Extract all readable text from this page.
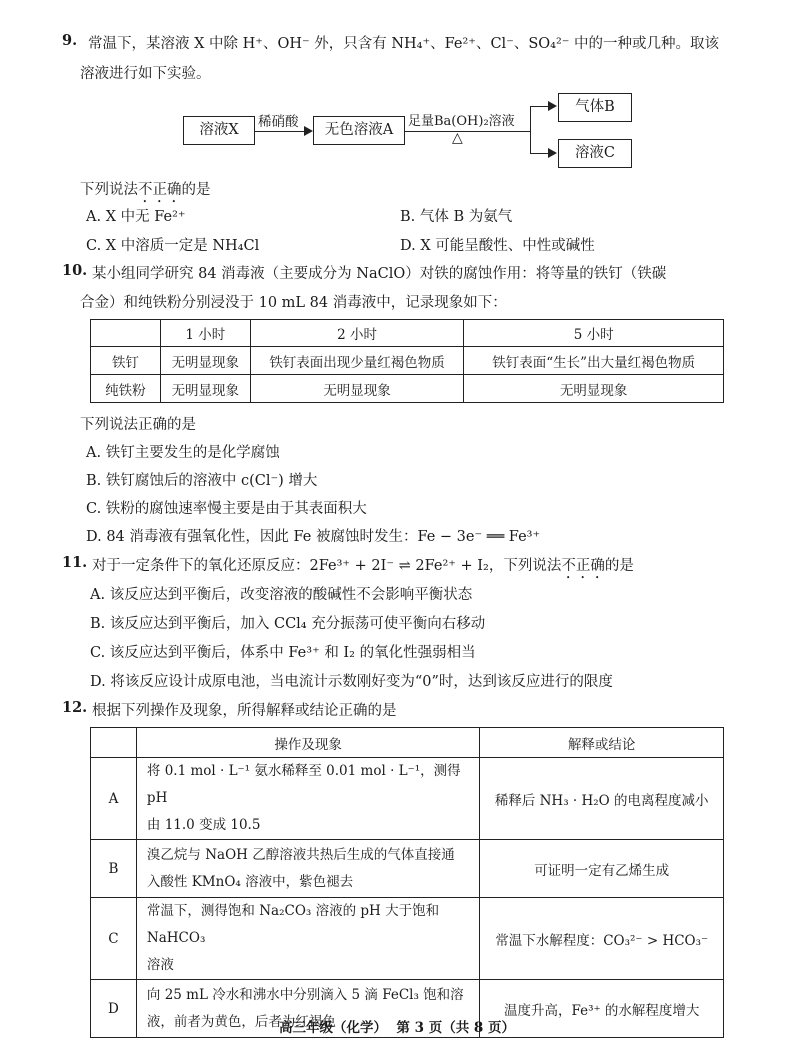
9. 常温下，某溶液 X 中除 H⁺、OH⁻ 外，只含有 NH₄⁺、Fe²⁺、Cl⁻、SO₄²⁻ 中的一种或几种。取该
溶液进行如下实验。
溶液X	稀硝酸	无色溶液A
足量Ba(OH)₂溶液
△
气体B
溶液C
下列说法不正确的是
A. X 中无 Fe²⁺	B. 气体 B 为氨气
C. X 中溶质一定是 NH₄Cl	D. X 可能呈酸性、中性或碱性
10. 某小组同学研究 84 消毒液（主要成分为 NaClO）对铁的腐蚀作用：将等量的铁钉（铁碳
合金）和纯铁粉分别浸没于 10 mL 84 消毒液中，记录现象如下：
	1 小时	2 小时	5 小时
铁钉	无明显现象	铁钉表面出现少量红褐色物质	铁钉表面“生长”出大量红褐色物质
纯铁粉	无明显现象	无明显现象	无明显现象
下列说法正确的是
A. 铁钉主要发生的是化学腐蚀
B. 铁钉腐蚀后的溶液中 c(Cl⁻) 增大
C. 铁粉的腐蚀速率慢主要是由于其表面积大
D. 84 消毒液有强氧化性，因此 Fe 被腐蚀时发生：Fe − 3e⁻ ══ Fe³⁺
11. 对于一定条件下的氧化还原反应：2Fe³⁺ + 2I⁻ ⇌ 2Fe²⁺ + I₂，下列说法不正确的是
A. 该反应达到平衡后，改变溶液的酸碱性不会影响平衡状态
B. 该反应达到平衡后，加入 CCl₄ 充分振荡可使平衡向右移动
C. 该反应达到平衡后，体系中 Fe³⁺ 和 I₂ 的氧化性强弱相当
D. 将该反应设计成原电池，当电流计示数刚好变为“0”时，达到该反应进行的限度
12. 根据下列操作及现象，所得解释或结论正确的是
	操作及现象	解释或结论
A	将 0.1 mol · L⁻¹ 氨水稀释至 0.01 mol · L⁻¹，测得 pH
由 11.0 变成 10.5	稀释后 NH₃ · H₂O 的电离程度减小
B	溴乙烷与 NaOH 乙醇溶液共热后生成的气体直接通
入酸性 KMnO₄ 溶液中，紫色褪去	可证明一定有乙烯生成
C	常温下，测得饱和 Na₂CO₃ 溶液的 pH 大于饱和 NaHCO₃
溶液	常温下水解程度：CO₃²⁻ > HCO₃⁻
D	向 25 mL 冷水和沸水中分别滴入 5 滴 FeCl₃ 饱和溶
液，前者为黄色，后者为红褐色	温度升高，Fe³⁺ 的水解程度增大
高三年级（化学）  第 3 页（共 8 页）
